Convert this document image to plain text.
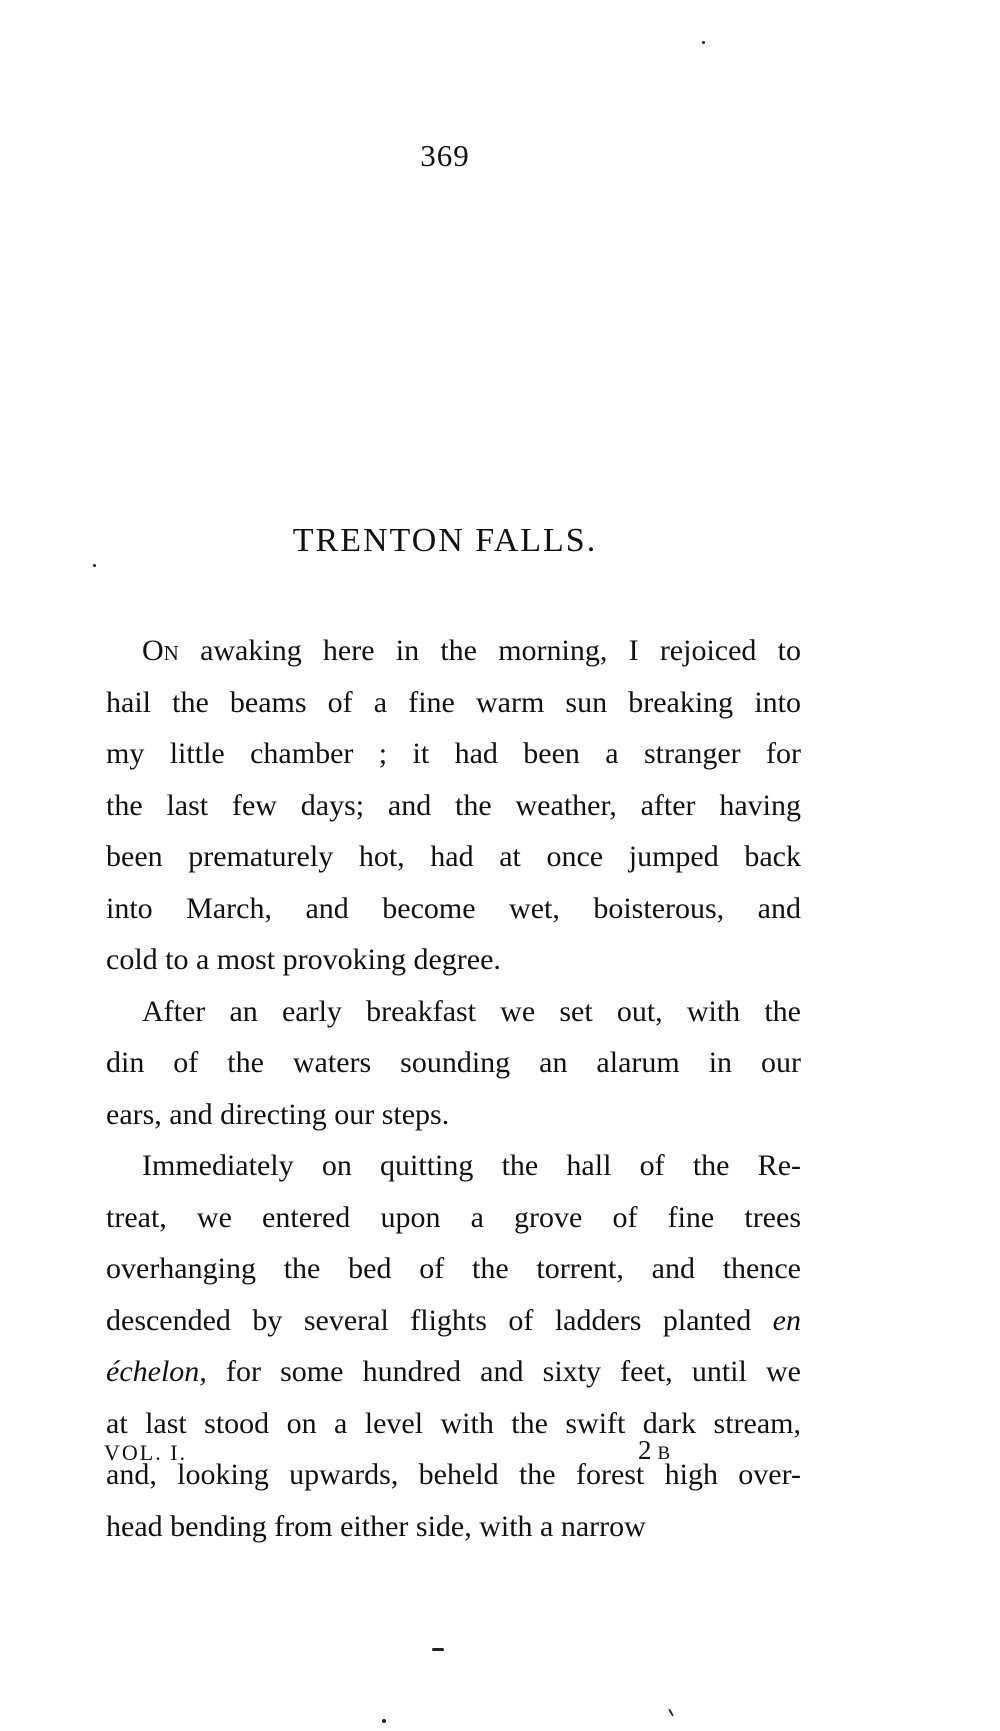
369
TRENTON FALLS.
On awaking here in the morning, I rejoiced to
hail the beams of a fine warm sun breaking into
my little chamber ; it had been a stranger for
the last few days; and the weather, after having
been prematurely hot, had at once jumped back
into March, and become wet, boisterous, and
cold to a most provoking degree.
After an early breakfast we set out, with the
din of the waters sounding an alarum in our
ears, and directing our steps.
Immediately on quitting the hall of the Re-
treat, we entered upon a grove of fine trees
overhanging the bed of the torrent, and thence
descended by several flights of ladders planted en
échelon, for some hundred and sixty feet, until we
at last stood on a level with the swift dark stream,
and, looking upwards, beheld the forest high over-
head bending from either side, with a narrow
VOL. I.	2 B
